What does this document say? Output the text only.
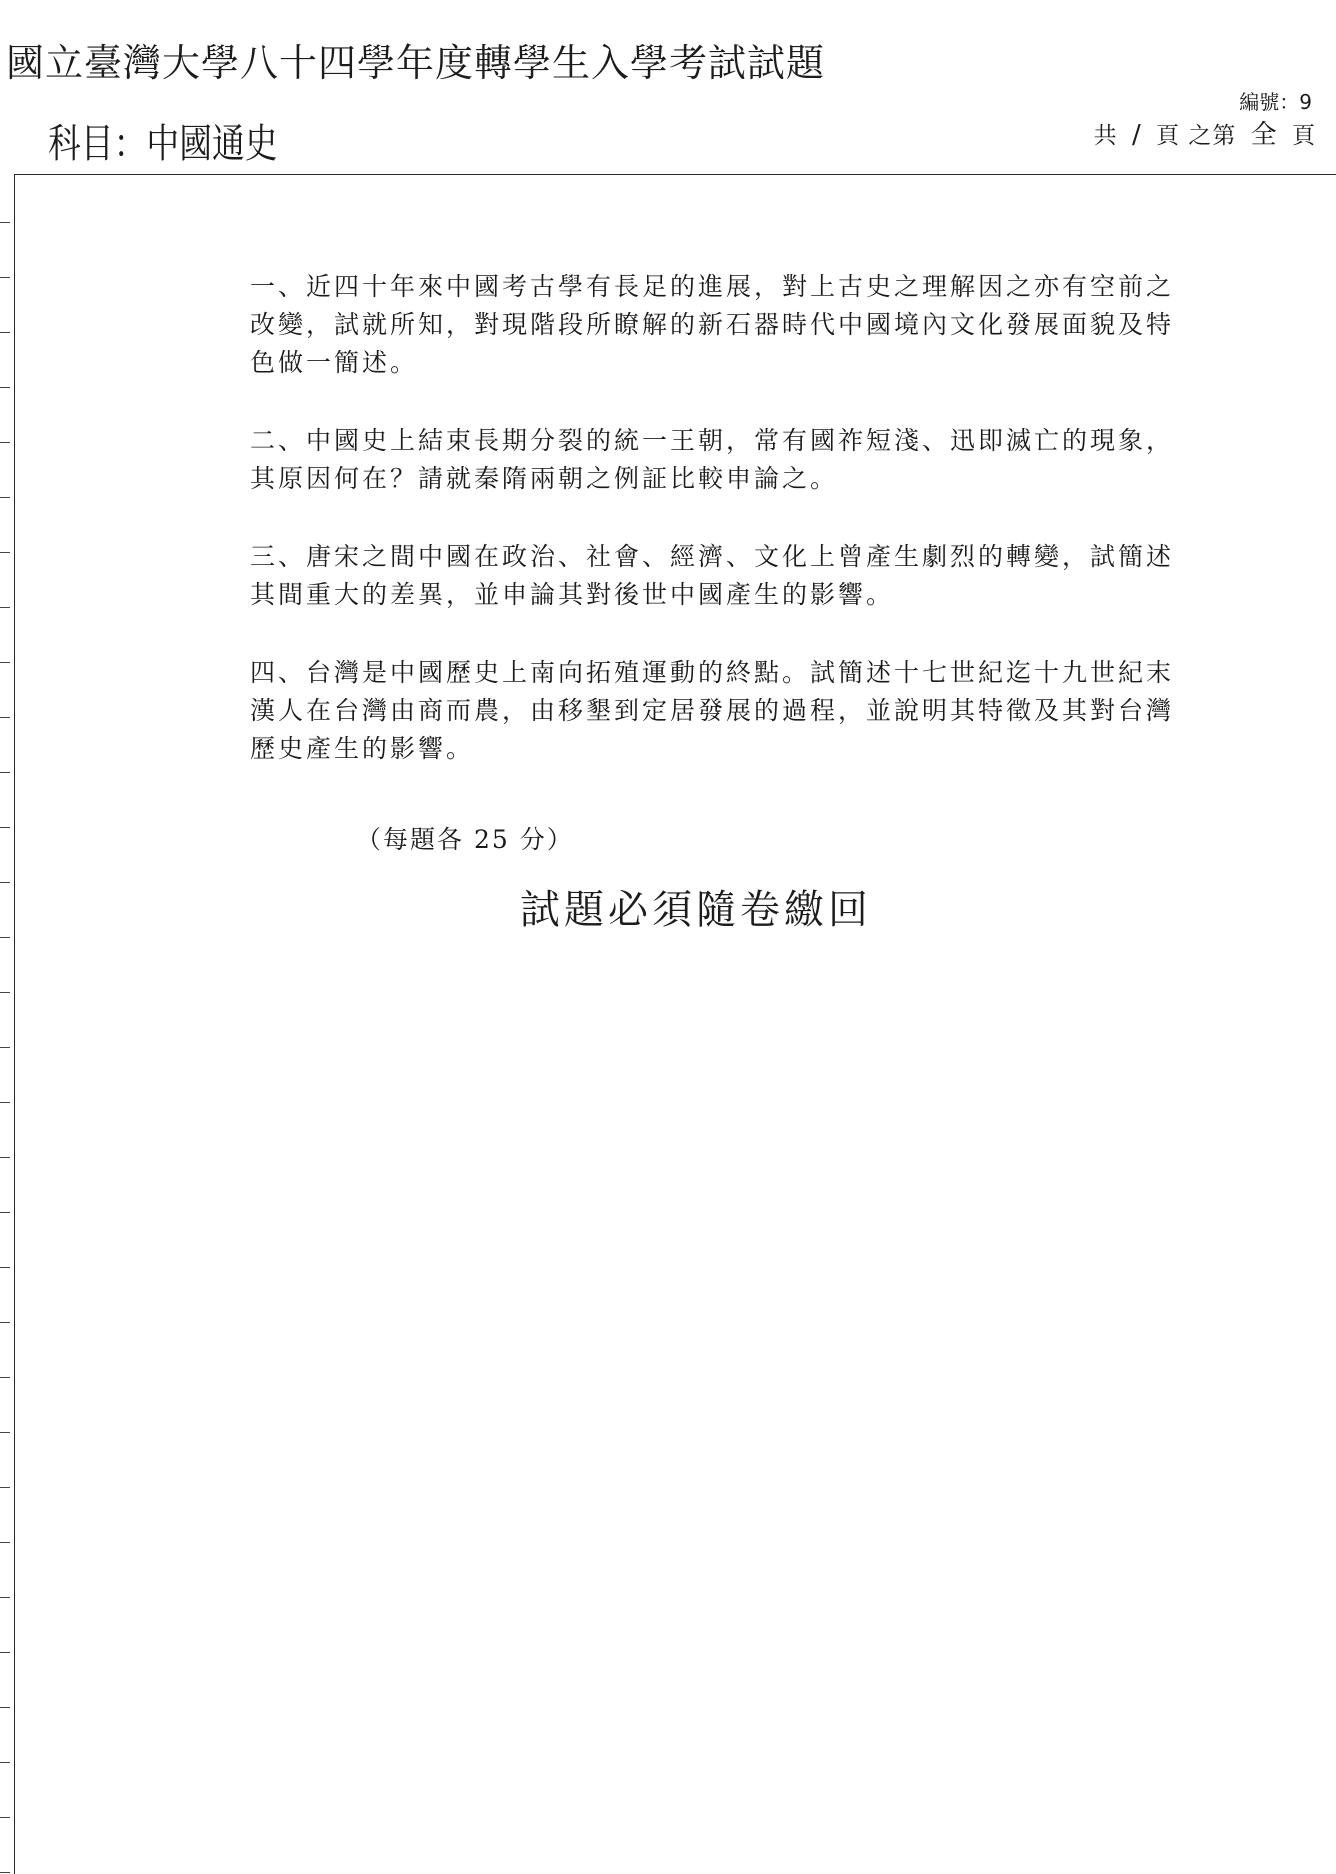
國立臺灣大學八十四學年度轉學生入學考試試題
科目：中國通史
編號：9
共 / 頁 之第 全 頁

一、近四十年來中國考古學有長足的進展，對上古史之理解因之亦有空前之改變，試就所知，對現階段所瞭解的新石器時代中國境內文化發展面貌及特色做一簡述。

二、中國史上結束長期分裂的統一王朝，常有國祚短淺、迅即滅亡的現象，其原因何在？請就秦隋兩朝之例証比較申論之。

三、唐宋之間中國在政治、社會、經濟、文化上曾產生劇烈的轉變，試簡述其間重大的差異，並申論其對後世中國產生的影響。

四、台灣是中國歷史上南向拓殖運動的終點。試簡述十七世紀迄十九世紀末漢人在台灣由商而農，由移墾到定居發展的過程，並說明其特徵及其對台灣歷史產生的影響。

（每題各 25 分）
試題必須隨卷繳回
